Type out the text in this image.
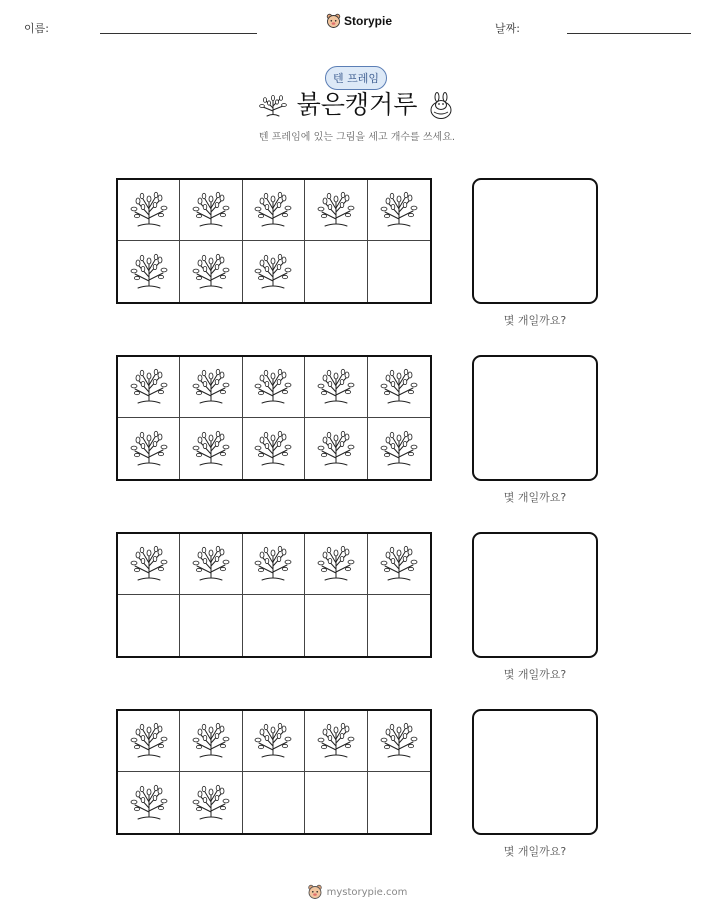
이름:
Storypie
날짜:
텐 프레임
붉은캥거루
텐 프레임에 있는 그림을 세고 개수를 쓰세요.
몇 개일까요?
몇 개일까요?
몇 개일까요?
몇 개일까요?
mystorypie.com
